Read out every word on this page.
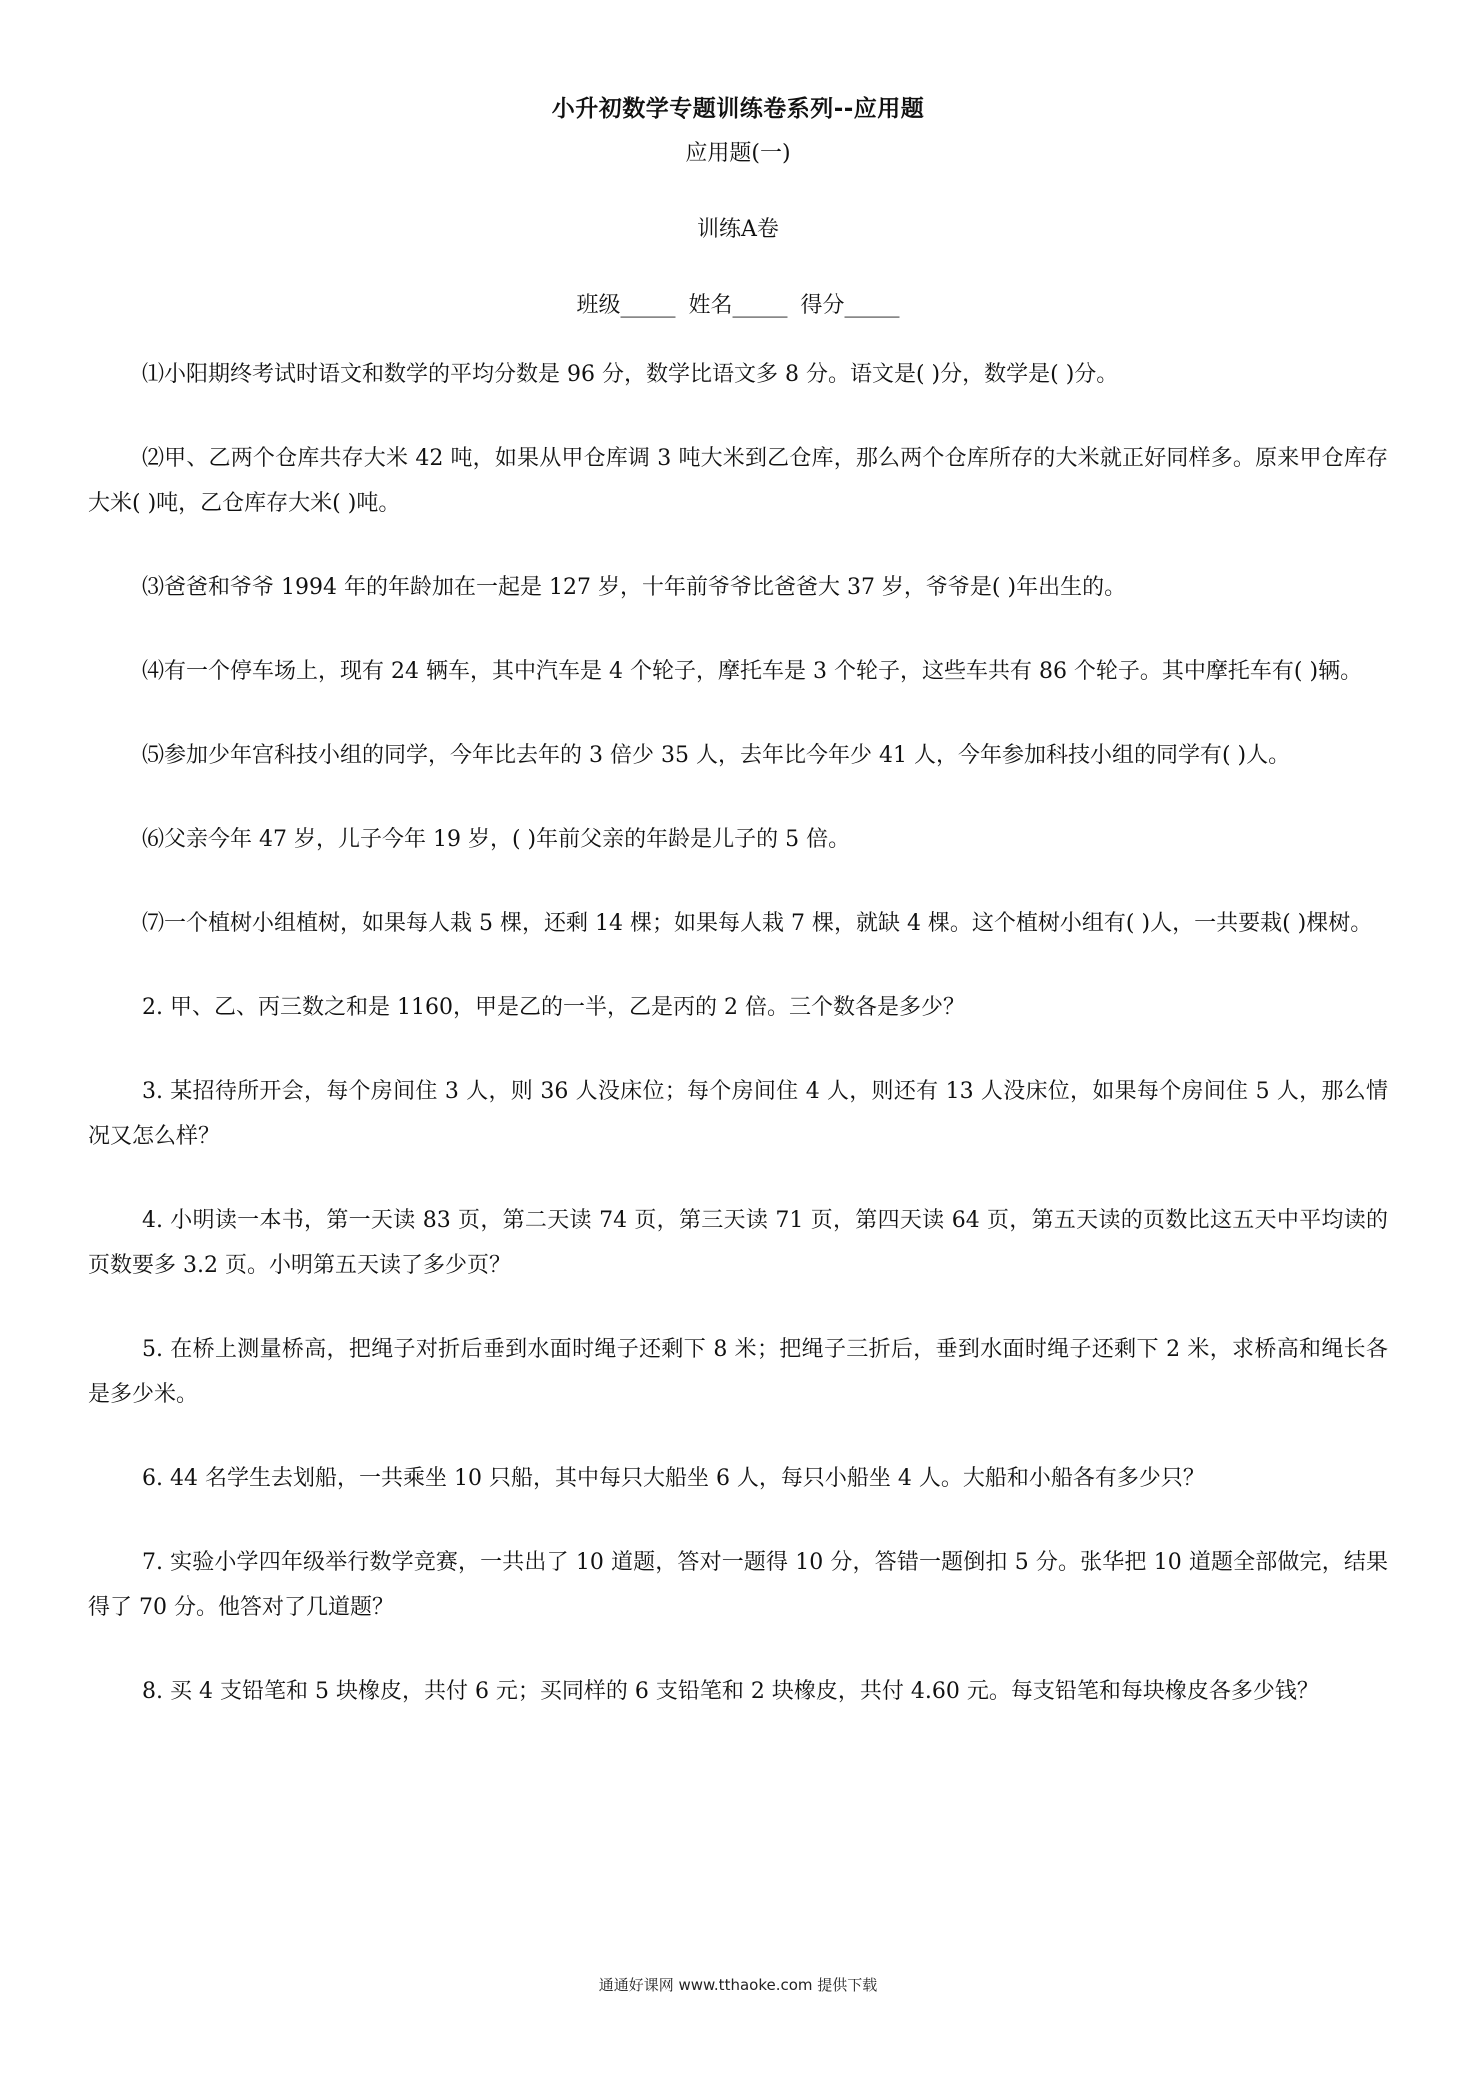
小升初数学专题训练卷系列--应用题
应用题(一)
训练A卷
班级_____ 姓名_____ 得分_____

⑴小阳期终考试时语文和数学的平均分数是 96 分，数学比语文多 8 分。语文是( )分，数学是( )分。

⑵甲、乙两个仓库共存大米 42 吨，如果从甲仓库调 3 吨大米到乙仓库，那么两个仓库所存的大米就正好同样多。原来甲仓库存大米( )吨，乙仓库存大米( )吨。

⑶爸爸和爷爷 1994 年的年龄加在一起是 127 岁，十年前爷爷比爸爸大 37 岁，爷爷是( )年出生的。

⑷有一个停车场上，现有 24 辆车，其中汽车是 4 个轮子，摩托车是 3 个轮子，这些车共有 86 个轮子。其中摩托车有( )辆。

⑸参加少年宫科技小组的同学，今年比去年的 3 倍少 35 人，去年比今年少 41 人，今年参加科技小组的同学有( )人。

⑹父亲今年 47 岁，儿子今年 19 岁，( )年前父亲的年龄是儿子的 5 倍。

⑺一个植树小组植树，如果每人栽 5 棵，还剩 14 棵；如果每人栽 7 棵，就缺 4 棵。这个植树小组有( )人，一共要栽( )棵树。

2. 甲、乙、丙三数之和是 1160，甲是乙的一半，乙是丙的 2 倍。三个数各是多少？

3. 某招待所开会，每个房间住 3 人，则 36 人没床位；每个房间住 4 人，则还有 13 人没床位，如果每个房间住 5 人，那么情况又怎么样？

4. 小明读一本书，第一天读 83 页，第二天读 74 页，第三天读 71 页，第四天读 64 页，第五天读的页数比这五天中平均读的页数要多 3.2 页。小明第五天读了多少页？

5. 在桥上测量桥高，把绳子对折后垂到水面时绳子还剩下 8 米；把绳子三折后，垂到水面时绳子还剩下 2 米，求桥高和绳长各是多少米。

6. 44 名学生去划船，一共乘坐 10 只船，其中每只大船坐 6 人，每只小船坐 4 人。大船和小船各有多少只？

7. 实验小学四年级举行数学竞赛，一共出了 10 道题，答对一题得 10 分，答错一题倒扣 5 分。张华把 10 道题全部做完，结果得了 70 分。他答对了几道题？

8. 买 4 支铅笔和 5 块橡皮，共付 6 元；买同样的 6 支铅笔和 2 块橡皮，共付 4.60 元。每支铅笔和每块橡皮各多少钱？

通通好课网 www.tthaoke.com 提供下载
